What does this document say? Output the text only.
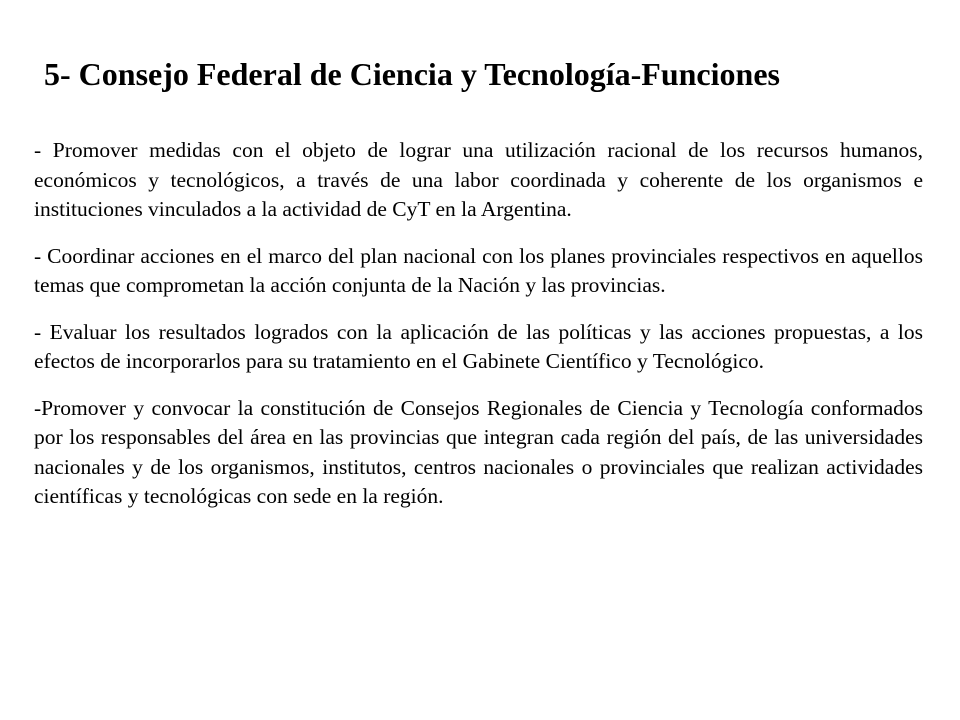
5- Consejo Federal de Ciencia y Tecnología-Funciones

- Promover medidas con el objeto de lograr una utilización racional de los recursos humanos, económicos y tecnológicos, a través de una labor coordinada y coherente de los organismos e instituciones vinculados a la actividad de CyT en la Argentina.

- Coordinar acciones en el marco del plan nacional con los planes provinciales respectivos en aquellos temas que comprometan la acción conjunta de la Nación y las provincias.

- Evaluar los resultados logrados con la aplicación de las políticas y las acciones propuestas, a los efectos de incorporarlos para su tratamiento en el Gabinete Científico y Tecnológico.

-Promover y convocar la constitución de Consejos Regionales de Ciencia y Tecnología conformados por los responsables del área en las provincias que integran cada región del país, de las universidades nacionales y de los organismos, institutos, centros nacionales o provinciales que realizan actividades científicas y tecnológicas con sede en la región.
